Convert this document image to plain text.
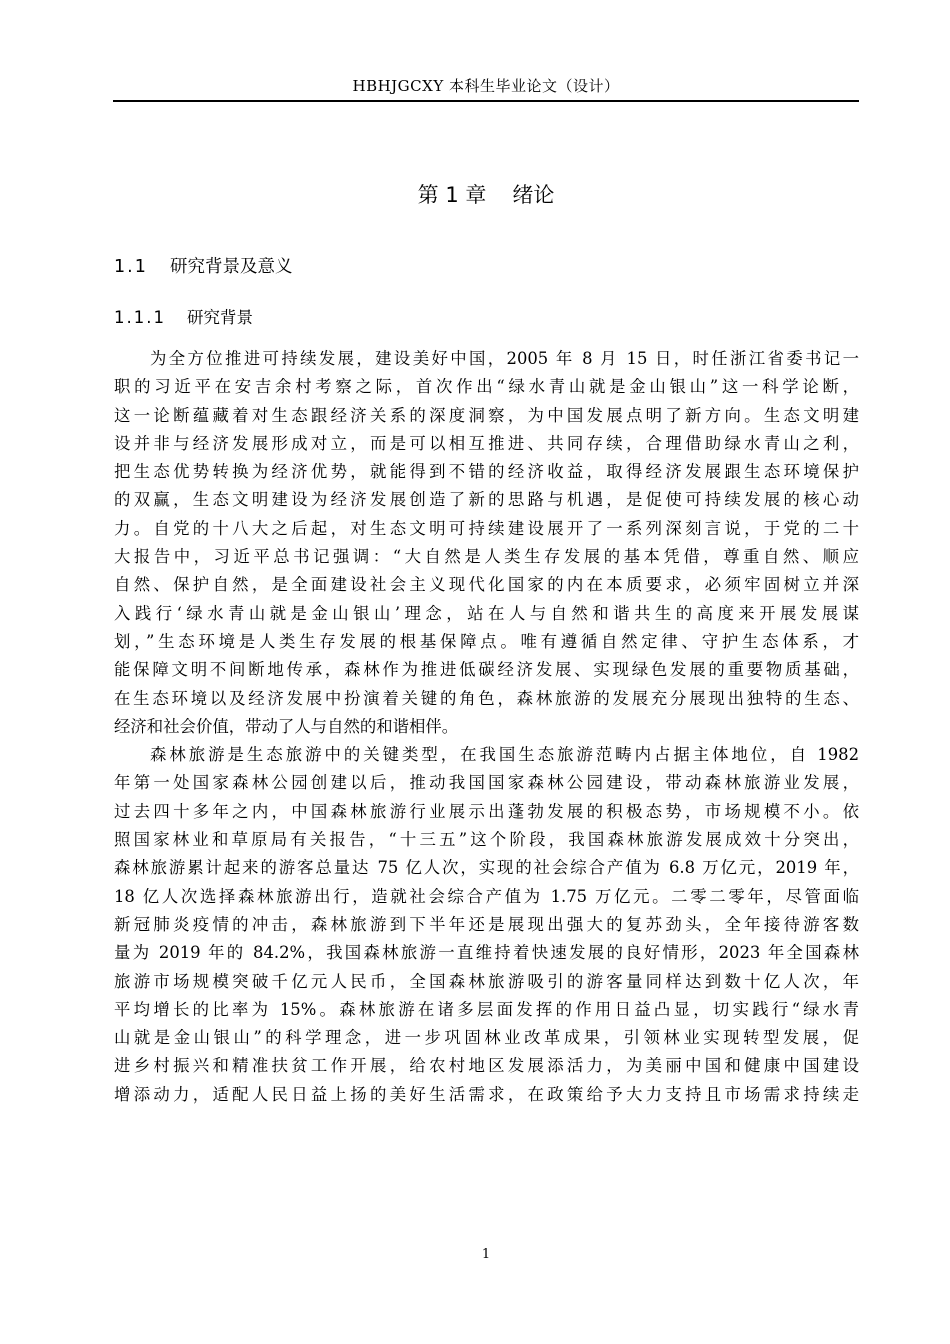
HBHJGCXY 本科生毕业论文（设计）
第 1 章 绪论
1.1 研究背景及意义
1.1.1 研究背景
为全方位推进可持续发展，建设美好中国，2005 年 8 月 15 日，时任浙江省委书记一
职的习近平在安吉余村考察之际，首次作出“绿水青山就是金山银山”这一科学论断，
这一论断蕴藏着对生态跟经济关系的深度洞察，为中国发展点明了新方向。生态文明建
设并非与经济发展形成对立，而是可以相互推进、共同存续，合理借助绿水青山之利，
把生态优势转换为经济优势，就能得到不错的经济收益，取得经济发展跟生态环境保护
的双赢，生态文明建设为经济发展创造了新的思路与机遇，是促使可持续发展的核心动
力。自党的十八大之后起，对生态文明可持续建设展开了一系列深刻言说，于党的二十
大报告中，习近平总书记强调：“大自然是人类生存发展的基本凭借，尊重自然、顺应
自然、保护自然，是全面建设社会主义现代化国家的内在本质要求，必须牢固树立并深
入践行‘绿水青山就是金山银山’理念，站在人与自然和谐共生的高度来开展发展谋
划，”生态环境是人类生存发展的根基保障点。唯有遵循自然定律、守护生态体系，才
能保障文明不间断地传承，森林作为推进低碳经济发展、实现绿色发展的重要物质基础，
在生态环境以及经济发展中扮演着关键的角色，森林旅游的发展充分展现出独特的生态、
经济和社会价值，带动了人与自然的和谐相伴。
森林旅游是生态旅游中的关键类型，在我国生态旅游范畴内占据主体地位，自 1982
年第一处国家森林公园创建以后，推动我国国家森林公园建设，带动森林旅游业发展，
过去四十多年之内，中国森林旅游行业展示出蓬勃发展的积极态势，市场规模不小。依
照国家林业和草原局有关报告，“十三五”这个阶段，我国森林旅游发展成效十分突出，
森林旅游累计起来的游客总量达 75 亿人次，实现的社会综合产值为 6.8 万亿元，2019 年，
18 亿人次选择森林旅游出行，造就社会综合产值为 1.75 万亿元。二零二零年，尽管面临
新冠肺炎疫情的冲击，森林旅游到下半年还是展现出强大的复苏劲头，全年接待游客数
量为 2019 年的 84.2%，我国森林旅游一直维持着快速发展的良好情形，2023 年全国森林
旅游市场规模突破千亿元人民币，全国森林旅游吸引的游客量同样达到数十亿人次，年
平均增长的比率为 15%。森林旅游在诸多层面发挥的作用日益凸显，切实践行“绿水青
山就是金山银山”的科学理念，进一步巩固林业改革成果，引领林业实现转型发展，促
进乡村振兴和精准扶贫工作开展，给农村地区发展添活力，为美丽中国和健康中国建设
增添动力，适配人民日益上扬的美好生活需求，在政策给予大力支持且市场需求持续走
1
